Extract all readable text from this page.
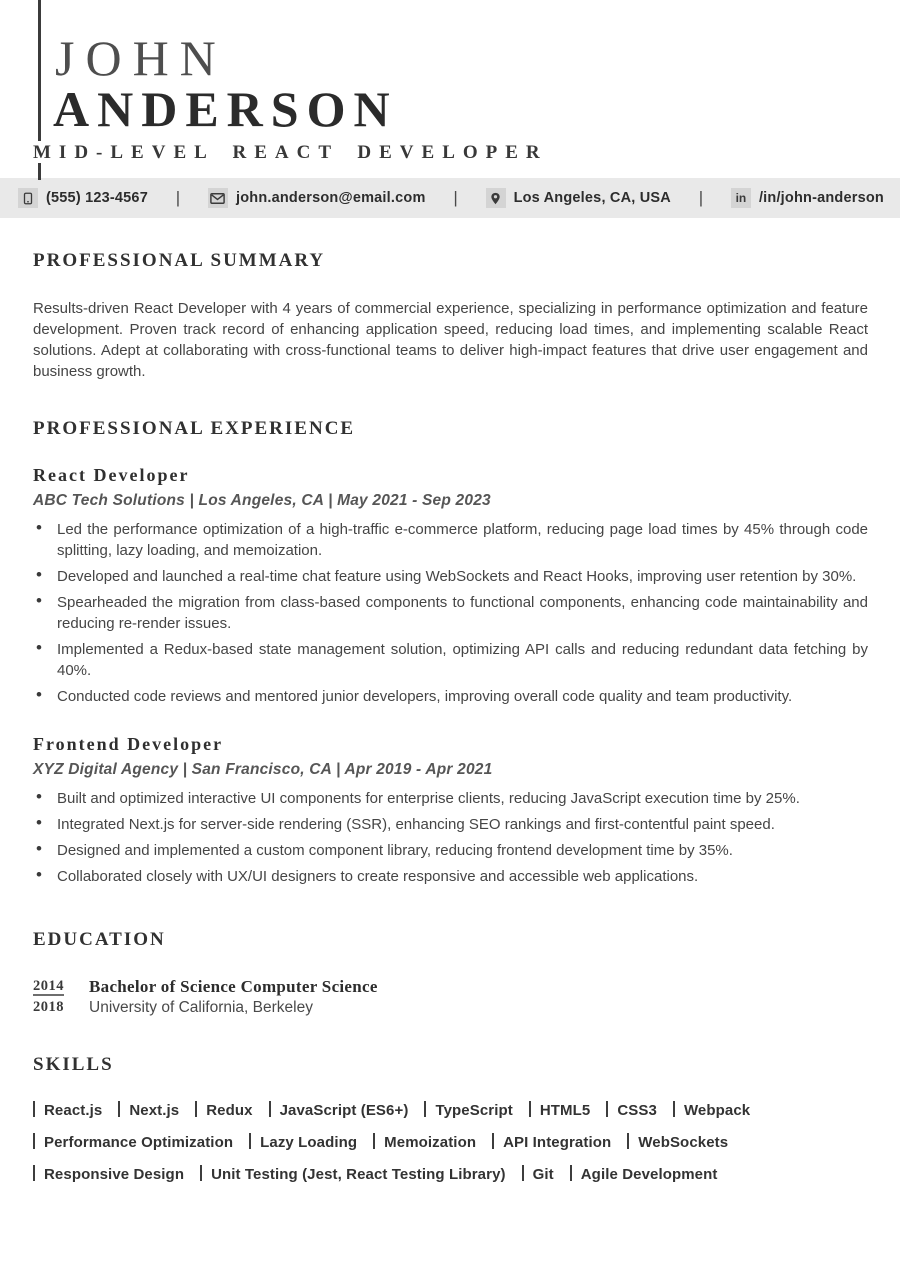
JOHN
ANDERSON
MID-LEVEL REACT DEVELOPER
(555) 123-4567 |	john.anderson@email.com |	Los Angeles, CA, USA |	in /in/john-anderson
PROFESSIONAL SUMMARY

Results-driven React Developer with 4 years of commercial experience, specializing in performance optimization and feature development. Proven track record of enhancing application speed, reducing load times, and implementing scalable React solutions. Adept at collaborating with cross-functional teams to deliver high-impact features that drive user engagement and business growth.

PROFESSIONAL EXPERIENCE
React Developer
ABC Tech Solutions | Los Angeles, CA | May 2021 - Sep 2023
• Led the performance optimization of a high-traffic e-commerce platform, reducing page load times by 45% through code splitting, lazy loading, and memoization.
• Developed and launched a real-time chat feature using WebSockets and React Hooks, improving user retention by 30%.
• Spearheaded the migration from class-based components to functional components, enhancing code maintainability and reducing re-render issues.
• Implemented a Redux-based state management solution, optimizing API calls and reducing redundant data fetching by 40%.
• Conducted code reviews and mentored junior developers, improving overall code quality and team productivity.
Frontend Developer
XYZ Digital Agency | San Francisco, CA | Apr 2019 - Apr 2021
• Built and optimized interactive UI components for enterprise clients, reducing JavaScript execution time by 25%.
• Integrated Next.js for server-side rendering (SSR), enhancing SEO rankings and first-contentful paint speed.
• Designed and implemented a custom component library, reducing frontend development time by 35%.
• Collaborated closely with UX/UI designers to create responsive and accessible web applications.
EDUCATION
2014	Bachelor of Science Computer Science
2018	University of California, Berkeley
SKILLS
React.js Next.js Redux JavaScript (ES6+) TypeScript HTML5 CSS3 Webpack
Performance Optimization Lazy Loading Memoization API Integration WebSockets
Responsive Design Unit Testing (Jest, React Testing Library) Git Agile Development
